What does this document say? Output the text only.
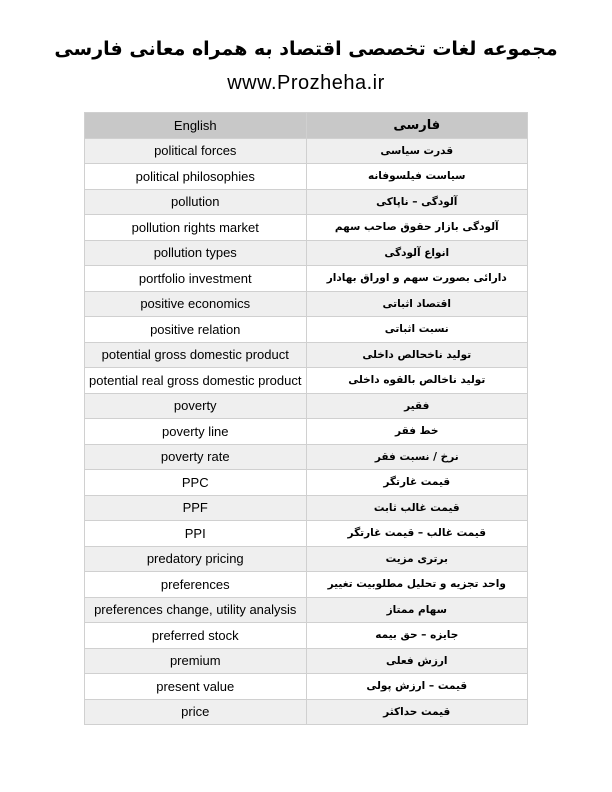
مجموعه لغات تخصصی اقتصاد به همراه معانی فارسی
www.Prozheha.ir
English	فارسی
political forces	قدرت سیاسی
political philosophies	سیاست فیلسوفانه
pollution	آلودگی – ناپاکی
pollution rights market	آلودگی بازار حقوق صاحب سهم
pollution types	انواع آلودگی
portfolio investment	دارائی بصورت سهم و اوراق بهادار
positive economics	اقتصاد اثباتی
positive relation	نسبت اثباتی
potential gross domestic product	تولید ناخحالص داخلی
potential real gross domestic product	تولید ناخالص بالقوه داخلی
poverty	فقیر
poverty line	خط فقر
poverty rate	نرخ / نسبت فقر
PPC	قیمت غارتگر
PPF	قیمت غالب ثابت
PPI	قیمت غالب – قیمت غارتگر
predatory pricing	برتری مزیت
preferences	واحد تجزیه و تحلیل مطلوبیت تغییر
preferences change, utility analysis	سهام ممتاز
preferred stock	جایزه – حق بیمه
premium	ارزش فعلی
present value	قیمت – ارزش پولی
price	قیمت حداکثر
